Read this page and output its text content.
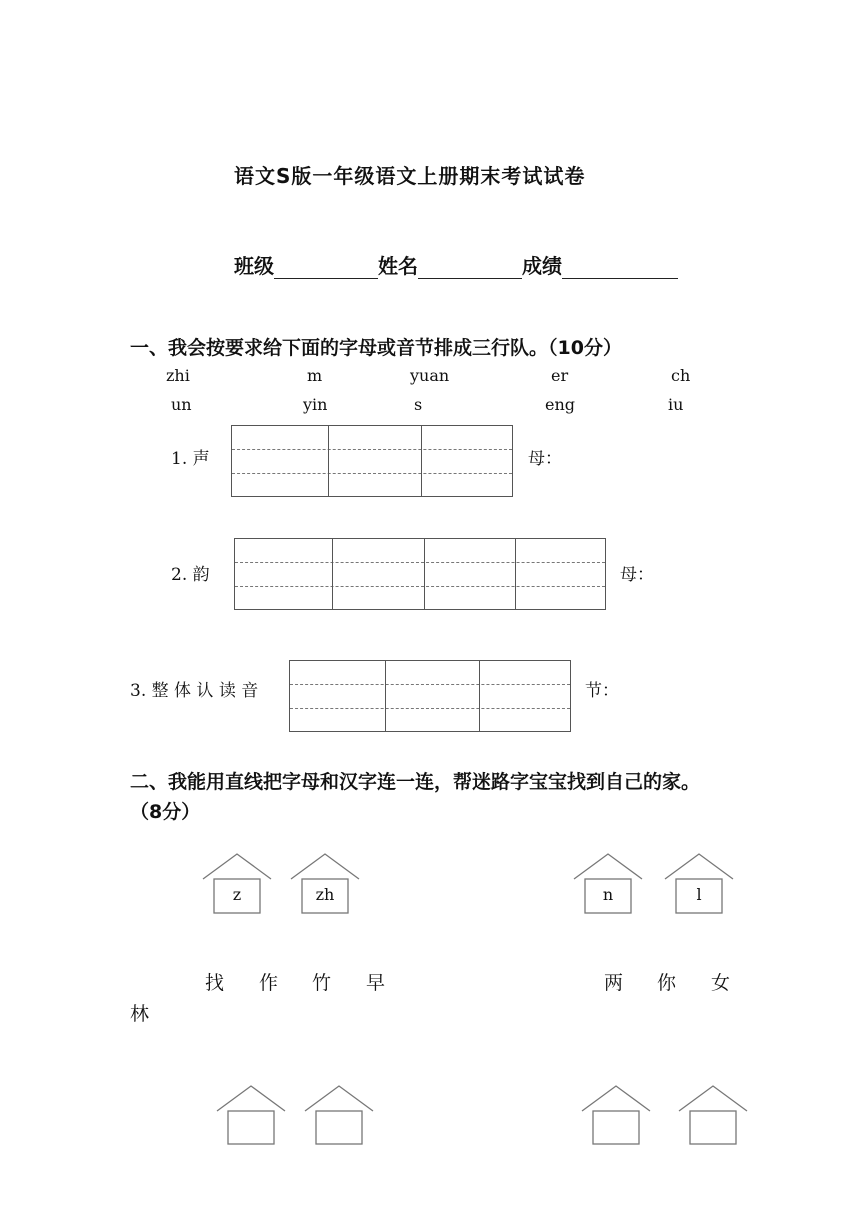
语文S版一年级语文上册期末考试试卷
班级	姓名	成绩
一、我会按要求给下面的字母或音节排成三行队。（10分）
zhi	m	yuan	er	ch
un	yin	s	eng	iu
1. 声	母：
2. 韵	母：
3. 整 体 认 读 音	节：
二、我能用直线把字母和汉字连一连，帮迷路字宝宝找到自己的家。
（8分）
z	zh	n	l
找 作 竹 早	两 你 女
林
